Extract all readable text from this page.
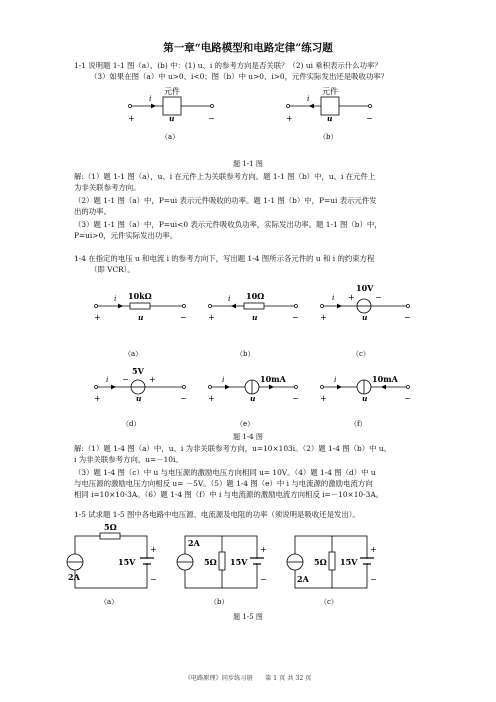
第一章“电路模型和电路定律”练习题
1-1 说明题 1-1 图（a）、(b) 中：(1) u、i 的参考方向是否关联？（2) ui 乘积表示什么功率？
（3）如果在图（a）中 u>0、i<0；图（b）中 u>0、i>0，元件实际发出还是吸收功率？
元件
i
+	u	−
（a）
元件
i
+	u	−
（b）
题 1-1 图
解:（1）题 1-1 图（a），u、i 在元件上为关联参考方向。题 1-1 图（b）中，u、i 在元件上
为非关联参考方向。
（2）题 1-1 图（a）中，P=ui 表示元件吸收的功率。题 1-1 图（b）中，P=ui 表示元件发
出的功率。
（3）题 1-1 图（a）中，P=ui<0 表示元件吸收负功率，实际发出功率。题 1-1 图（b）中，
P=ui>0，元件实际发出功率。
1-4 在指定的电压 u 和电流 i 的参考方向下，写出题 1-4 图所示各元件的 u 和 i 的约束方程
（即 VCR）。
i 10kΩ
+	u	−
（a）
i 10Ω
+	u	−
（b）
i +	−
10V
+	u	−
（c）
i −	+
5V
+	u	−
（d）
i	10mA
+	u	−
（e）
i	10mA
+	u	−
（f）
题 1-4 图
解:（1）题 1-4 图（a）中，u、i 为非关联参考方向，u=10×103i。（2）题 1-4 图（b）中 u、
i 为非关联参考方向，u=－10i。
（3）题 1-4 图（c）中 u 与电压源的激励电压方向相同 u= 10V。（4）题 1-4 图（d）中 u
与电压源的激励电压方向相反 u= －5V。（5）题 1-4 图（e）中 i 与电流源的激励电流方向
相同 i=10×10-3A。（6）题 1-4 图（f）中 i 与电流源的激励电流方向相反 i=－10×10-3A。
1-5 试求题 1-5 图中各电路中电压源、电流源及电阻的功率（须说明是吸收还是发出）。
5Ω
2A
+
−
15V
（a）
2A
5Ω
+
−
15V
（b）
2A
5Ω
+
−
15V
（c）
题 1-5 图
《电路原理》同步练习册　　第 1 页 共 32 页
